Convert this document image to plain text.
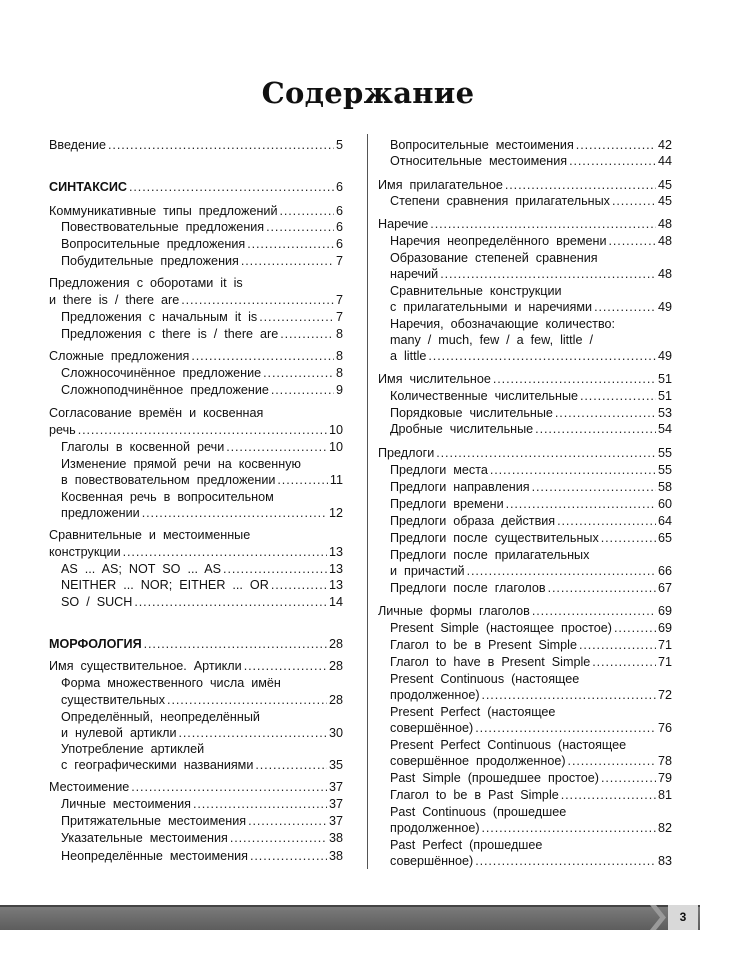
Содержание
Введение . . .	5
СИНТАКСИС . . .	6
Коммуникативные  типы  предложений . . .	6
Повествовательные  предложения . . .	6
Вопросительные  предложения . . .	6
Побудительные  предложения . . .	7
Предложения  с  оборотами  it  is
и  there  is  /  there  are . . .	7
Предложения  с  начальным  it  is . . .	7
Предложения  с  there  is  /  there  are . . .	8
Сложные  предложения . . .	8
Сложносочинённое  предложение . . .	8
Сложноподчинённое  предложение . . .	9
Согласование  времён  и  косвенная
речь . . .	10
Глаголы  в  косвенной  речи . . .	10
Изменение  прямой  речи  на  косвенную
в  повествовательном  предложении . . .	11
Косвенная  речь  в  вопросительном
предложении . . .	12
Сравнительные  и  местоименные
конструкции . . .	13
AS  ...  AS;  NOT  SO  ...  AS . . .	13
NEITHER  ...  NOR;  EITHER  ...  OR . . .	13
SO  /  SUCH . . .	14
МОРФОЛОГИЯ . . .	28
Имя  существительное.  Артикли . . .	28
Форма  множественного  числа  имён
существительных . . .	28
Определённый,  неопределённый
и  нулевой  артикли . . .	30
Употребление  артиклей
с  географическими  названиями . . .	35
Местоимение . . .	37
Личные  местоимения . . .	37
Притяжательные  местоимения . . .	37
Указательные  местоимения . . .	38
Неопределённые  местоимения . . .	38
Вопросительные  местоимения . . .	42
Относительные  местоимения . . .	44
Имя  прилагательное . . .	45
Степени  сравнения  прилагательных . . .	45
Наречие . . .	48
Наречия  неопределённого  времени . . .	48
Образование  степеней  сравнения
наречий . . .	48
Сравнительные  конструкции
с  прилагательными  и  наречиями . . .	49
Наречия,  обозначающие  количество:
many  /  much,  few  /  a  few,  little  /
a  little . . .	49
Имя  числительное . . .	51
Количественные  числительные . . .	51
Порядковые  числительные . . .	53
Дробные  числительные . . .	54
Предлоги . . .	55
Предлоги  места . . .	55
Предлоги  направления . . .	58
Предлоги  времени . . .	60
Предлоги  образа  действия . . .	64
Предлоги  после  существительных . . .	65
Предлоги  после  прилагательных
и  причастий . . .	66
Предлоги  после  глаголов . . .	67
Личные  формы  глаголов . . .	69
Present  Simple  (настоящее  простое) . . .	69
Глагол  to  be  в  Present  Simple . . .	71
Глагол  to  have  в  Present  Simple . . .	71
Present  Continuous  (настоящее
продолженное) . . .	72
Present  Perfect  (настоящее
совершённое) . . .	76
Present  Perfect  Continuous  (настоящее
совершённое  продолженное) . . .	78
Past  Simple  (прошедшее  простое) . . .	79
Глагол  to  be  в  Past  Simple . . .	81
Past  Continuous  (прошедшее
продолженное) . . .	82
Past  Perfect  (прошедшее
совершённое) . . .	83
3
